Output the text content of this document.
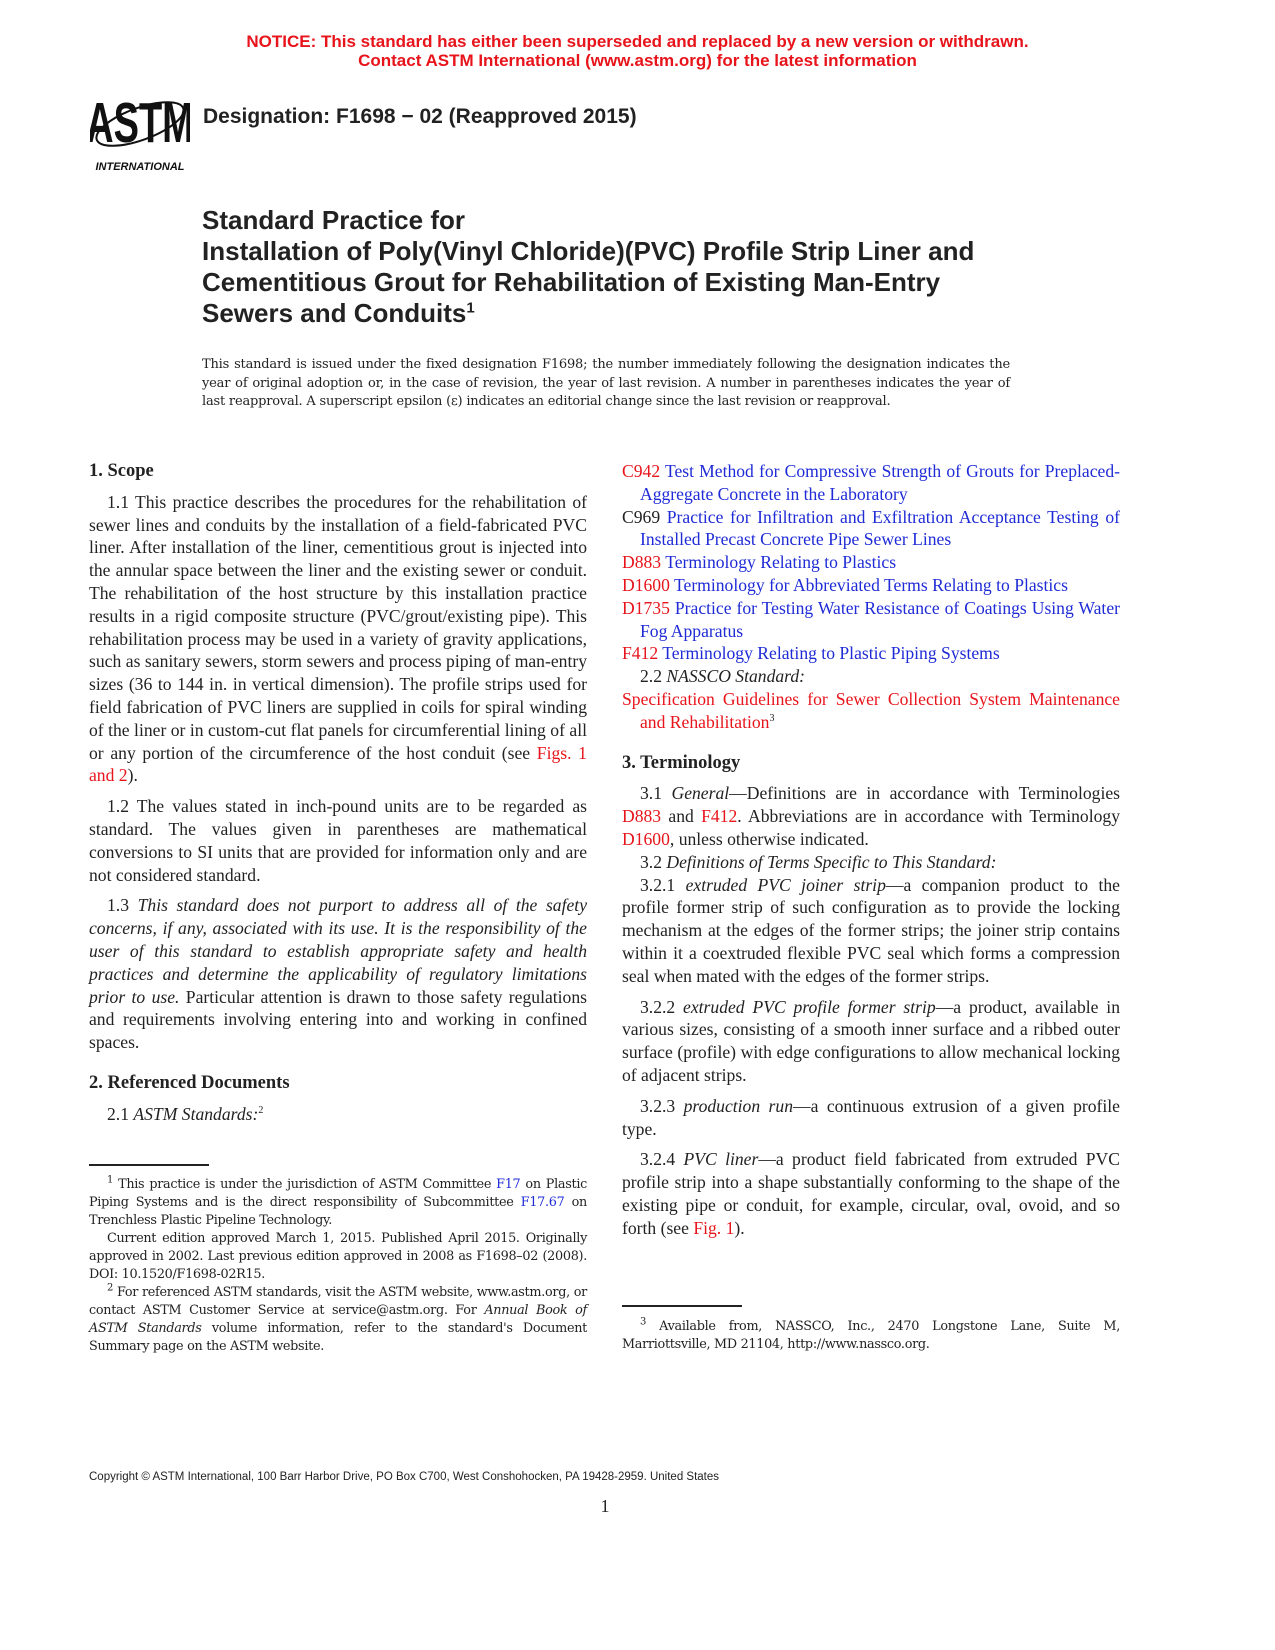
NOTICE: This standard has either been superseded and replaced by a new version or withdrawn.
Contact ASTM International (www.astm.org) for the latest information
ASTM
INTERNATIONAL
Designation: F1698 − 02 (Reapproved 2015)
Standard Practice for
Installation of Poly(Vinyl Chloride)(PVC) Profile Strip Liner and Cementitious Grout for Rehabilitation of Existing Man-Entry Sewers and Conduits$^1$
This standard is issued under the fixed designation F1698; the number immediately following the designation indicates the year of original adoption or, in the case of revision, the year of last revision. A number in parentheses indicates the year of last reapproval. A superscript epsilon (ε) indicates an editorial change since the last revision or reapproval.
1. Scope

1.1 This practice describes the procedures for the rehabilitation of sewer lines and conduits by the installation of a field-fabricated PVC liner. After installation of the liner, cementitious grout is injected into the annular space between the liner and the existing sewer or conduit. The rehabilitation of the host structure by this installation practice results in a rigid composite structure (PVC/grout/existing pipe). This rehabilitation process may be used in a variety of gravity applications, such as sanitary sewers, storm sewers and process piping of man-entry sizes (36 to 144 in. in vertical dimension). The profile strips used for field fabrication of PVC liners are supplied in coils for spiral winding of the liner or in custom-cut flat panels for circumferential lining of all or any portion of the circumference of the host conduit (see Figs. 1 and 2).

1.2 The values stated in inch-pound units are to be regarded as standard. The values given in parentheses are mathematical conversions to SI units that are provided for information only and are not considered standard.

1.3 This standard does not purport to address all of the safety concerns, if any, associated with its use. It is the responsibility of the user of this standard to establish appropriate safety and health practices and determine the applicability of regulatory limitations prior to use. Particular attention is drawn to those safety regulations and requirements involving entering into and working in confined spaces.

2. Referenced Documents

2.1 ASTM Standards:$^2$

C942 Test Method for Compressive Strength of Grouts for Preplaced-Aggregate Concrete in the Laboratory

C969 Practice for Infiltration and Exfiltration Acceptance Testing of Installed Precast Concrete Pipe Sewer Lines

D883 Terminology Relating to Plastics

D1600 Terminology for Abbreviated Terms Relating to Plastics

D1735 Practice for Testing Water Resistance of Coatings Using Water Fog Apparatus

F412 Terminology Relating to Plastic Piping Systems

2.2 NASSCO Standard:

Specification Guidelines for Sewer Collection System Maintenance and Rehabilitation$^3$

3. Terminology

3.1 General—Definitions are in accordance with Terminologies D883 and F412. Abbreviations are in accordance with Terminology D1600, unless otherwise indicated.

3.2 Definitions of Terms Specific to This Standard:

3.2.1 extruded PVC joiner strip—a companion product to the profile former strip of such configuration as to provide the locking mechanism at the edges of the former strips; the joiner strip contains within it a coextruded flexible PVC seal which forms a compression seal when mated with the edges of the former strips.

3.2.2 extruded PVC profile former strip—a product, available in various sizes, consisting of a smooth inner surface and a ribbed outer surface (profile) with edge configurations to allow mechanical locking of adjacent strips.

3.2.3 production run—a continuous extrusion of a given profile type.

3.2.4 PVC liner—a product field fabricated from extruded PVC profile strip into a shape substantially conforming to the shape of the existing pipe or conduit, for example, circular, oval, ovoid, and so forth (see Fig. 1).

$^1$ This practice is under the jurisdiction of ASTM Committee F17 on Plastic Piping Systems and is the direct responsibility of Subcommittee F17.67 on Trenchless Plastic Pipeline Technology.

Current edition approved March 1, 2015. Published April 2015. Originally approved in 2002. Last previous edition approved in 2008 as F1698–02 (2008). DOI: 10.1520/F1698-02R15.

$^2$ For referenced ASTM standards, visit the ASTM website, www.astm.org, or contact ASTM Customer Service at service@astm.org. For Annual Book of ASTM Standards volume information, refer to the standard's Document Summary page on the ASTM website.

$^3$ Available from, NASSCO, Inc., 2470 Longstone Lane, Suite M, Marriottsville, MD 21104, http://www.nassco.org.

Copyright © ASTM International, 100 Barr Harbor Drive, PO Box C700, West Conshohocken, PA 19428-2959. United States
1
